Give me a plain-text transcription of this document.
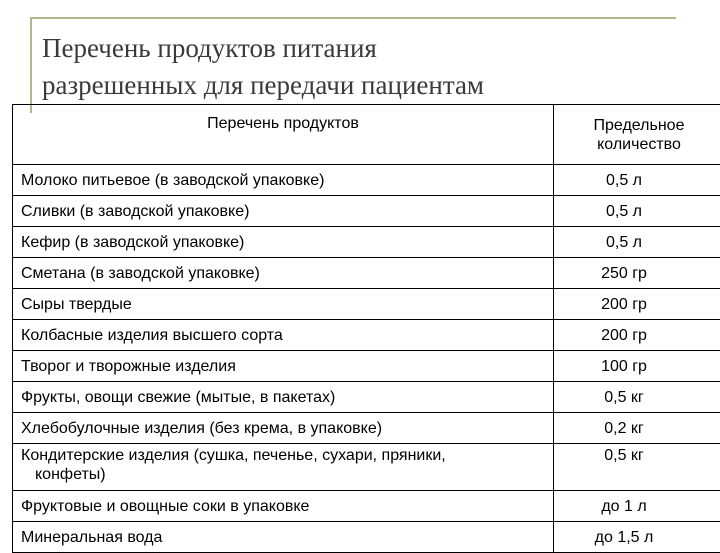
Перечень продуктов питания
разрешенных для передачи пациентам
Перечень продуктов	Предельное
количество
Молоко питьевое (в заводской упаковке)	0,5 л
Сливки (в заводской упаковке)	0,5 л
Кефир (в заводской упаковке)	0,5 л
Сметана (в заводской упаковке)	250 гр
Сыры твердые	200 гр
Колбасные изделия высшего сорта	200 гр
Творог и творожные изделия	100 гр
Фрукты, овощи свежие (мытые, в пакетах)	0,5 кг
Хлебобулочные изделия (без крема, в упаковке)	0,2 кг
Кондитерские изделия (сушка, печенье, сухари, пряники,
конфеты)	0,5 кг
Фруктовые и овощные соки в упаковке	до 1 л
Минеральная вода	до 1,5 л
